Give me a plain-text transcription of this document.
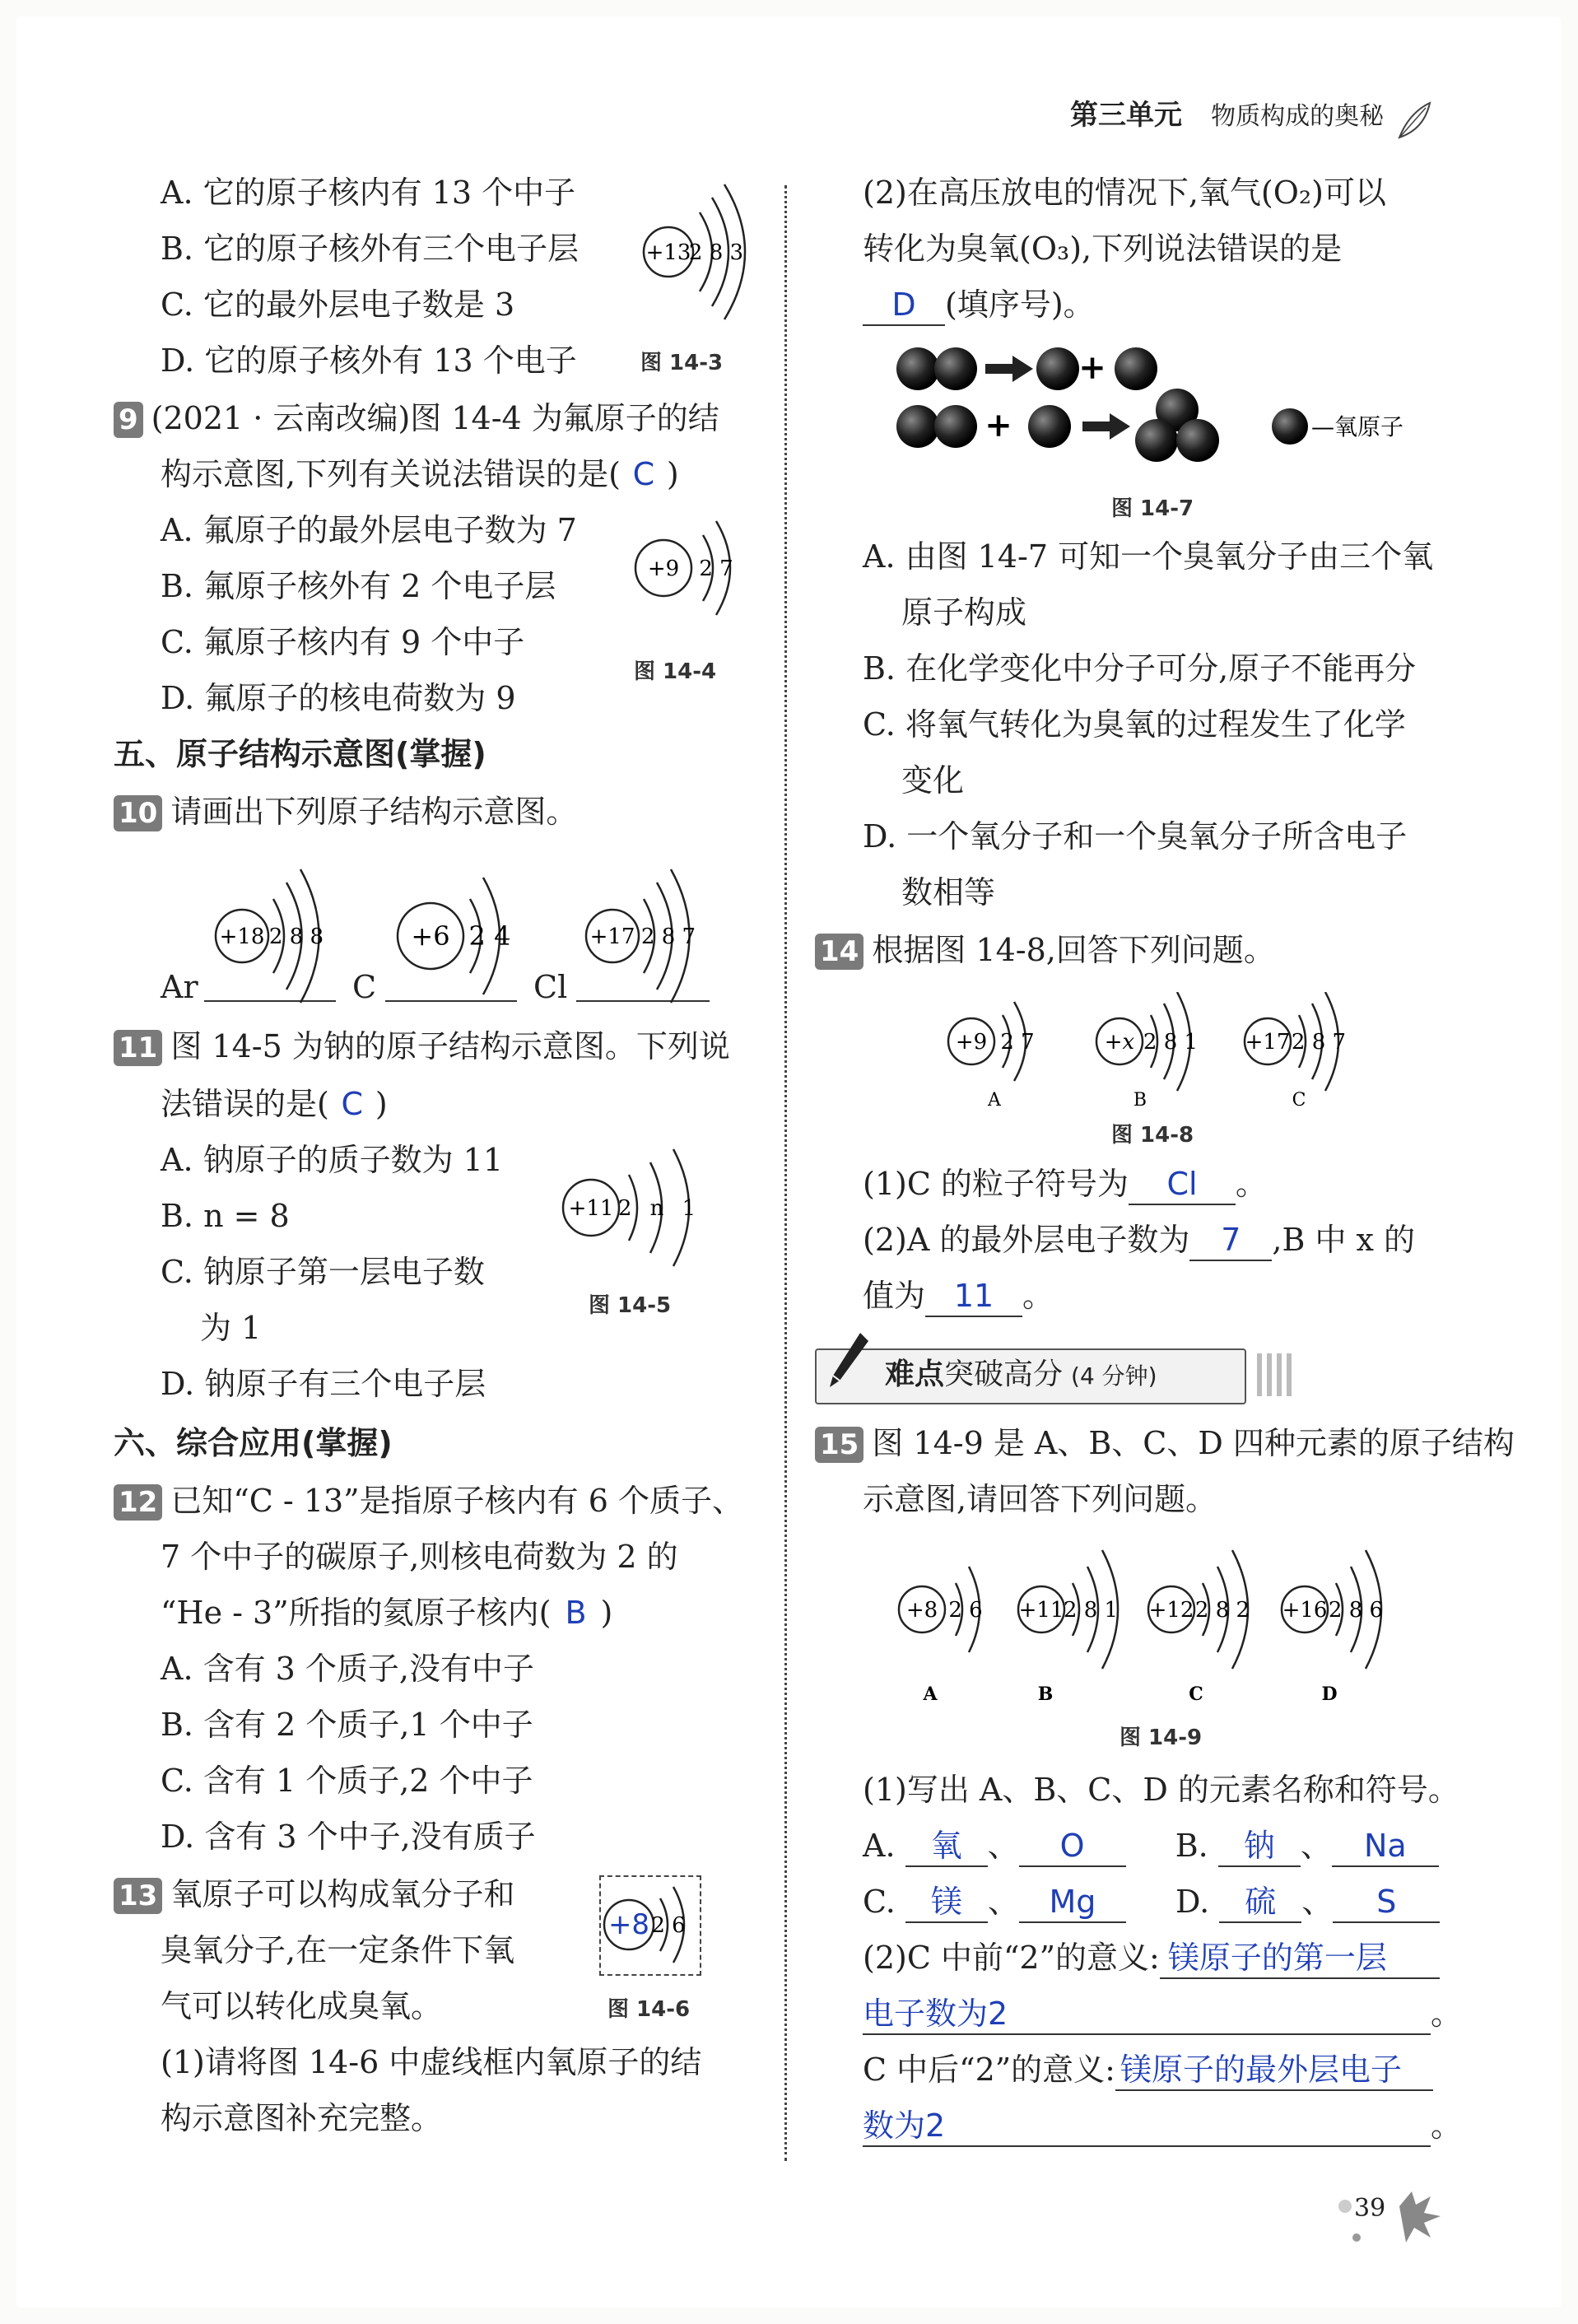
第三单元 物质构成的奥秘
A. 它的原子核内有 13 个中子
B. 它的原子核外有三个电子层
C. 它的最外层电子数是 3
D. 它的原子核外有 13 个电子
+13
2 8 3
图 14-3
9 (2021 · 云南改编)图 14-4 为氟原子的结
构示意图,下列有关说法错误的是( C )
A. 氟原子的最外层电子数为 7
B. 氟原子核外有 2 个电子层
C. 氟原子核内有 9 个中子
D. 氟原子的核电荷数为 9
+9 2 7
图 14-4
五、原子结构示意图(掌握)
10 请画出下列原子结构示意图。
Ar
+18 2 8 8
C
+6 2 4
Cl
+17 2 8 7
11 图 14-5 为钠的原子结构示意图。下列说
法错误的是( C )
A. 钠原子的质子数为 11
B. n = 8
C. 钠原子第一层电子数
为 1
D. 钠原子有三个电子层
+11 2 n 1
图 14-5
六、综合应用(掌握)
12 已知“C - 13”是指原子核内有 6 个质子、
7 个中子的碳原子,则核电荷数为 2 的
“He - 3”所指的氦原子核内( B )
A. 含有 3 个质子,没有中子
B. 含有 2 个质子,1 个中子
C. 含有 1 个质子,2 个中子
D. 含有 3 个中子,没有质子
13 氧原子可以构成氧分子和
臭氧分子,在一定条件下氧
气可以转化成臭氧。
(1)请将图 14-6 中虚线框内氧原子的结
构示意图补充完整。
+8 2 6
图 14-6
(2)在高压放电的情况下,氧气(O₂)可以
转化为臭氧(O₃),下列说法错误的是
D (填序号)。
+
+	—氧原子
图 14-7
A. 由图 14-7 可知一个臭氧分子由三个氧
原子构成
B. 在化学变化中分子可分,原子不能再分
C. 将氧气转化为臭氧的过程发生了化学
变化
D. 一个氧分子和一个臭氧分子所含电子
数相等
14 根据图 14-8,回答下列问题。
+9 2 7
A
+x 2 8 1
B
+17 2 8 7
C
图 14-8
(1)C 的粒子符号为 Cl 。
(2)A 的最外层电子数为 7 ,B 中 x 的
值为 11 。
难点突破高分 (4 分钟)
15 图 14-9 是 A、B、C、D 四种元素的原子结构
示意图,请回答下列问题。
+8 2 6
A
+11 2 8 1
B
+12 2 8 2
C
+16 2 8 6
D
图 14-9
(1)写出 A、B、C、D 的元素名称和符号。
A. 氧 、 O	B. 钠 、 Na
C. 镁 、 Mg	D. 硫 、 S
(2)C 中前“2”的意义: 镁原子的第一层
电子数为2	。
C 中后“2”的意义: 镁原子的最外层电子
数为2	。
39
